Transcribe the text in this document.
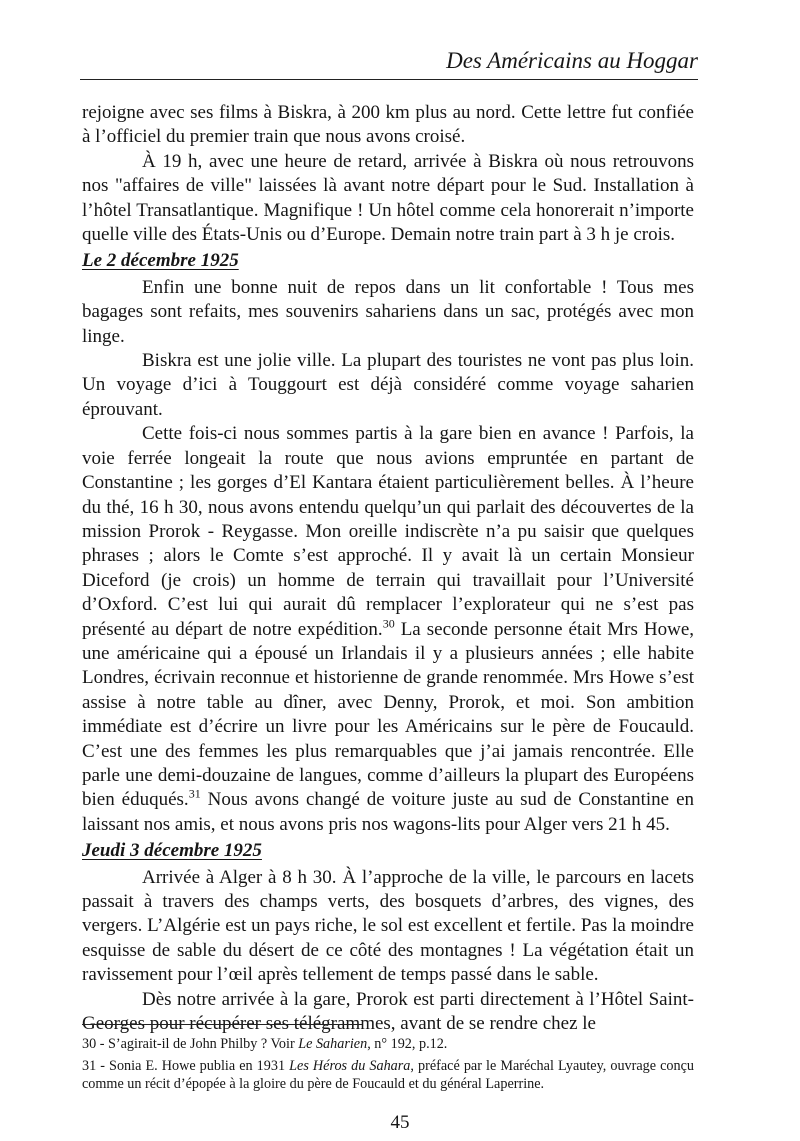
Des Américains au Hoggar

rejoigne avec ses films à Biskra, à 200 km plus au nord. Cette lettre fut confiée à l’officiel du premier train que nous avons croisé.

À 19 h, avec une heure de retard, arrivée à Biskra où nous retrouvons nos "affaires de ville" laissées là avant notre départ pour le Sud. Installation à l’hôtel Transatlantique. Magnifique ! Un hôtel comme cela honorerait n’importe quelle ville des États-Unis ou d’Europe. Demain notre train part à 3 h je crois.

Le 2 décembre 1925

Enfin une bonne nuit de repos dans un lit confortable ! Tous mes bagages sont refaits, mes souvenirs sahariens dans un sac, protégés avec mon linge.

Biskra est une jolie ville. La plupart des touristes ne vont pas plus loin. Un voyage d’ici à Touggourt est déjà considéré comme voyage saharien éprouvant.

Cette fois-ci nous sommes partis à la gare bien en avance ! Parfois, la voie ferrée longeait la route que nous avions empruntée en partant de Constantine ; les gorges d’El Kantara étaient particulièrement belles. À l’heure du thé, 16 h 30, nous avons entendu quelqu’un qui parlait des découvertes de la mission Prorok - Reygasse. Mon oreille indiscrète n’a pu saisir que quelques phrases ; alors le Comte s’est approché. Il y avait là un certain Monsieur Diceford (je crois) un homme de terrain qui travaillait pour l’Université d’Oxford. C’est lui qui aurait dû remplacer l’explorateur qui ne s’est pas présenté au départ de notre expédition.$^{30}$ La seconde personne était Mrs Howe, une américaine qui a épousé un Irlandais il y a plusieurs années ; elle habite Londres, écrivain reconnue et historienne de grande renommée. Mrs Howe s’est assise à notre table au dîner, avec Denny, Prorok, et moi. Son ambition immédiate est d’écrire un livre pour les Américains sur le père de Foucauld. C’est une des femmes les plus remarquables que j’ai jamais rencontrée. Elle parle une demi-douzaine de langues, comme d’ailleurs la plupart des Européens bien éduqués.$^{31}$ Nous avons changé de voiture juste au sud de Constantine en laissant nos amis, et nous avons pris nos wagons-lits pour Alger vers 21 h 45.

Jeudi 3 décembre 1925

Arrivée à Alger à 8 h 30. À l’approche de la ville, le parcours en lacets passait à travers des champs verts, des bosquets d’arbres, des vignes, des vergers. L’Algérie est un pays riche, le sol est excellent et fertile. Pas la moindre esquisse de sable du désert de ce côté des montagnes ! La végétation était un ravissement pour l’œil après tellement de temps passé dans le sable.

Dès notre arrivée à la gare, Prorok est parti directement à l’Hôtel Saint-Georges pour récupérer ses télégrammes, avant de se rendre chez le

30 - S’agirait-il de John Philby ? Voir Le Saharien, n° 192, p.12.

31 - Sonia E. Howe publia en 1931 Les Héros du Sahara, préfacé par le Maréchal Lyautey, ouvrage conçu comme un récit d’épopée à la gloire du père de Foucauld et du général Laperrine.

45
